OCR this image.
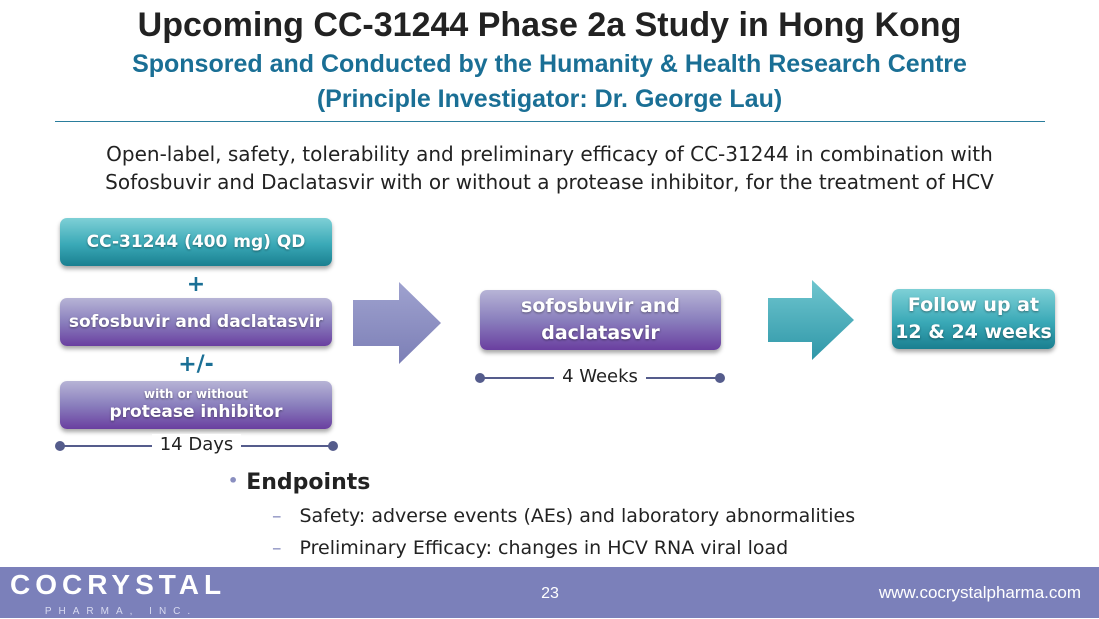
Upcoming CC-31244 Phase 2a Study in Hong Kong
Sponsored and Conducted by the Humanity & Health Research Centre
(Principle Investigator: Dr. George Lau)
Open-label, safety, tolerability and preliminary efficacy of CC-31244 in combination with
Sofosbuvir and Daclatasvir with or without a protease inhibitor, for the treatment of HCV
CC-31244 (400 mg) QD
+
sofosbuvir and daclatasvir
+/-
with or without
protease inhibitor
14 Days
sofosbuvir and
daclatasvir
4 Weeks
Follow up at
12 & 24 weeks
• Endpoints
– Safety: adverse events (AEs) and laboratory abnormalities
– Preliminary Efficacy: changes in HCV RNA viral load
COCRYSTAL
PHARMA, INC.
23	www.cocrystalpharma.com
